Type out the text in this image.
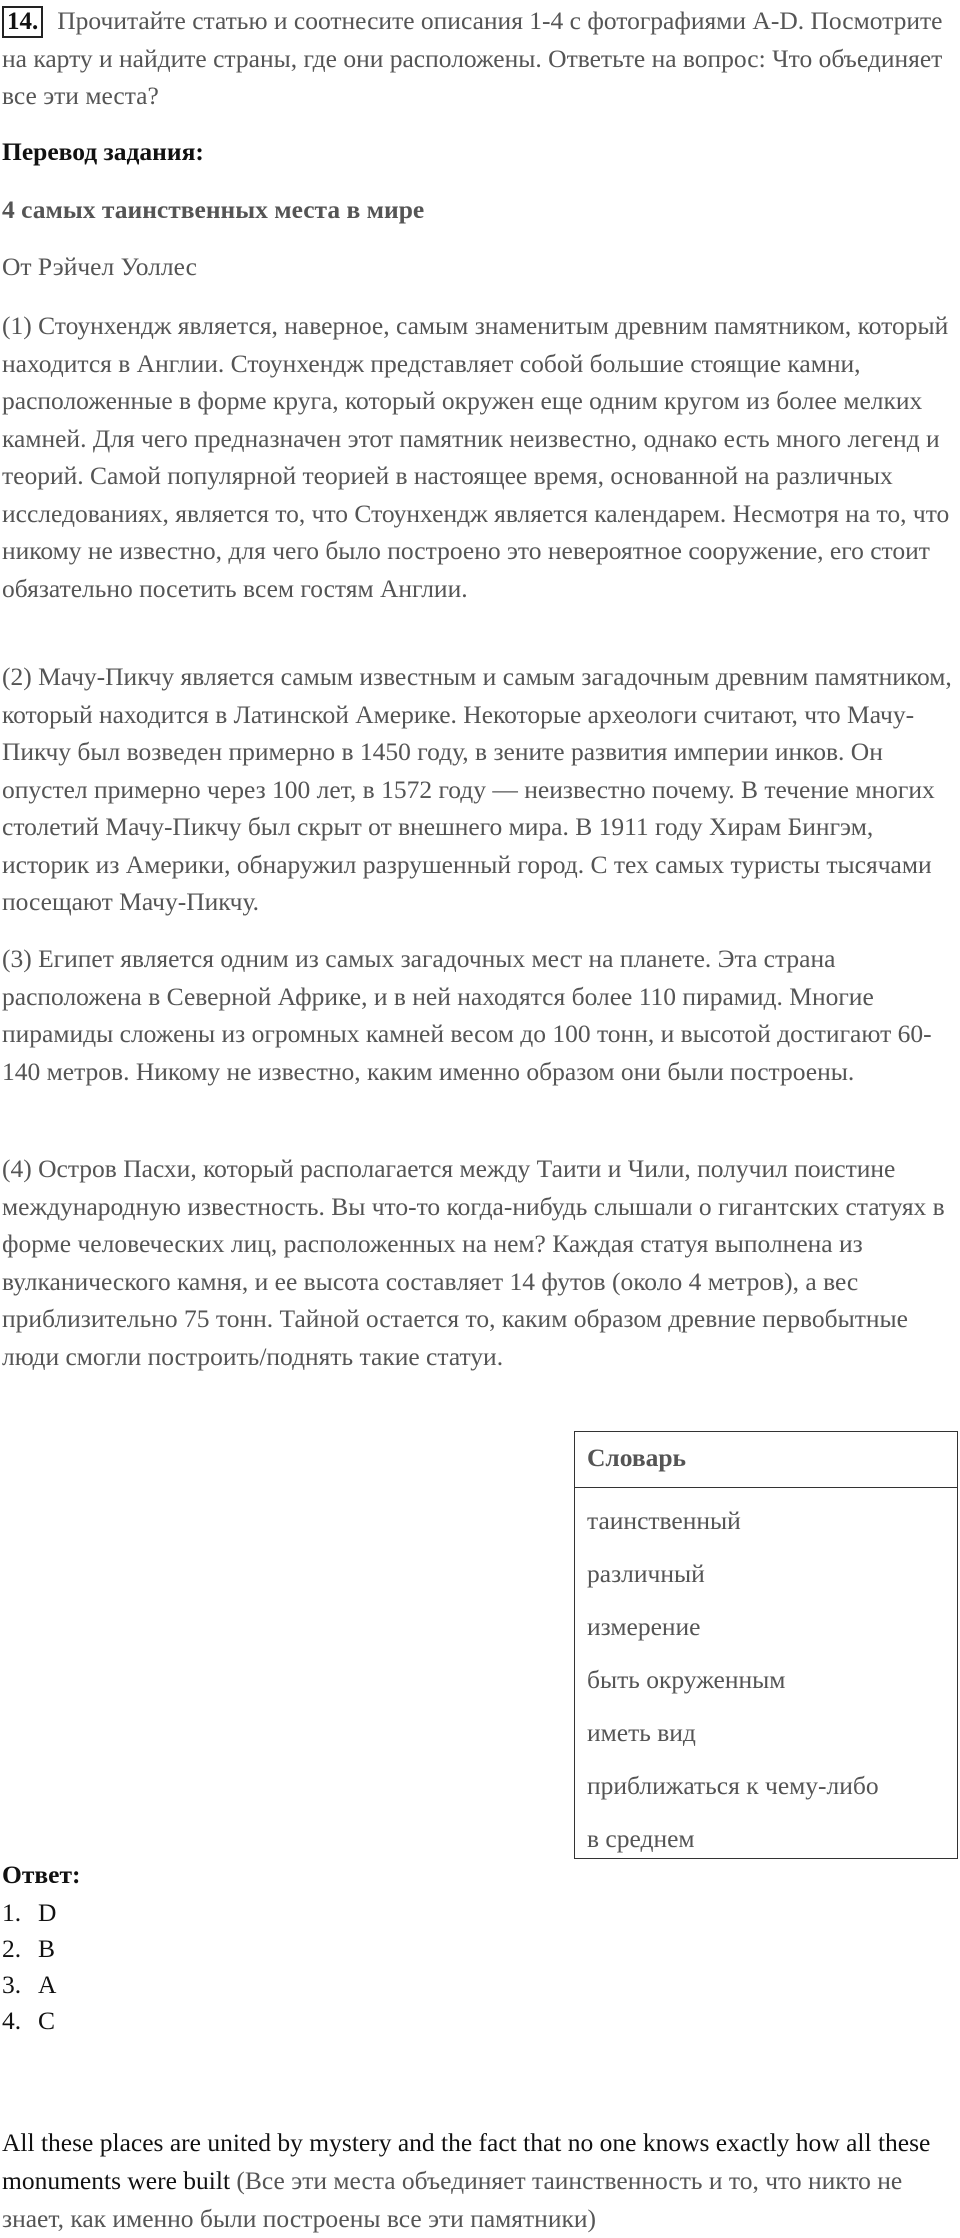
14. Прочитайте статью и соотнесите описания 1-4 с фотографиями A-D. Посмотрите на карту и найдите страны, где они расположены. Ответьте на вопрос: Что объединяет все эти места?

Перевод задания:

4 самых таинственных места в мире

От Рэйчел Уоллес

(1) Стоунхендж является, наверное, самым знаменитым древним памятником, который находится в Англии. Стоунхендж представляет собой большие стоящие камни, расположенные в форме круга, который окружен еще одним кругом из более мелких камней. Для чего предназначен этот памятник неизвестно, однако есть много легенд и теорий. Самой популярной теорией в настоящее время, основанной на различных исследованиях, является то, что Стоунхендж является календарем. Несмотря на то, что никому не известно, для чего было построено это невероятное сооружение, его стоит обязательно посетить всем гостям Англии.

(2) Мачу-Пикчу является самым известным и самым загадочным древним памятником, который находится в Латинской Америке. Некоторые археологи считают, что Мачу-Пикчу был возведен примерно в 1450 году, в зените развития империи инков. Он опустел примерно через 100 лет, в 1572 году — неизвестно почему. В течение многих столетий Мачу-Пикчу был скрыт от внешнего мира. В 1911 году Хирам Бингэм, историк из Америки, обнаружил разрушенный город. С тех самых туристы тысячами посещают Мачу-Пикчу.

(3) Египет является одним из самых загадочных мест на планете. Эта страна расположена в Северной Африке, и в ней находятся более 110 пирамид. Многие пирамиды сложены из огромных камней весом до 100 тонн, и высотой достигают 60-140 метров. Никому не известно, каким именно образом они были построены.

(4) Остров Пасхи, который располагается между Таити и Чили, получил поистине международную известность. Вы что-то когда-нибудь слышали о гигантских статуях в форме человеческих лиц, расположенных на нем? Каждая статуя выполнена из вулканического камня, и ее высота составляет 14 футов (около 4 метров), а вес приблизительно 75 тонн. Тайной остается то, каким образом древние первобытные люди смогли построить/поднять такие статуи.

Словарь
таинственный
различный
измерение
быть окруженным
иметь вид
приближаться к чему-либо
в среднем
Ответ:
1. D
2. B
3. A
4. C

All these places are united by mystery and the fact that no one knows exactly how all these monuments were built (Все эти места объединяет таинственность и то, что никто не знает, как именно были построены все эти памятники)
